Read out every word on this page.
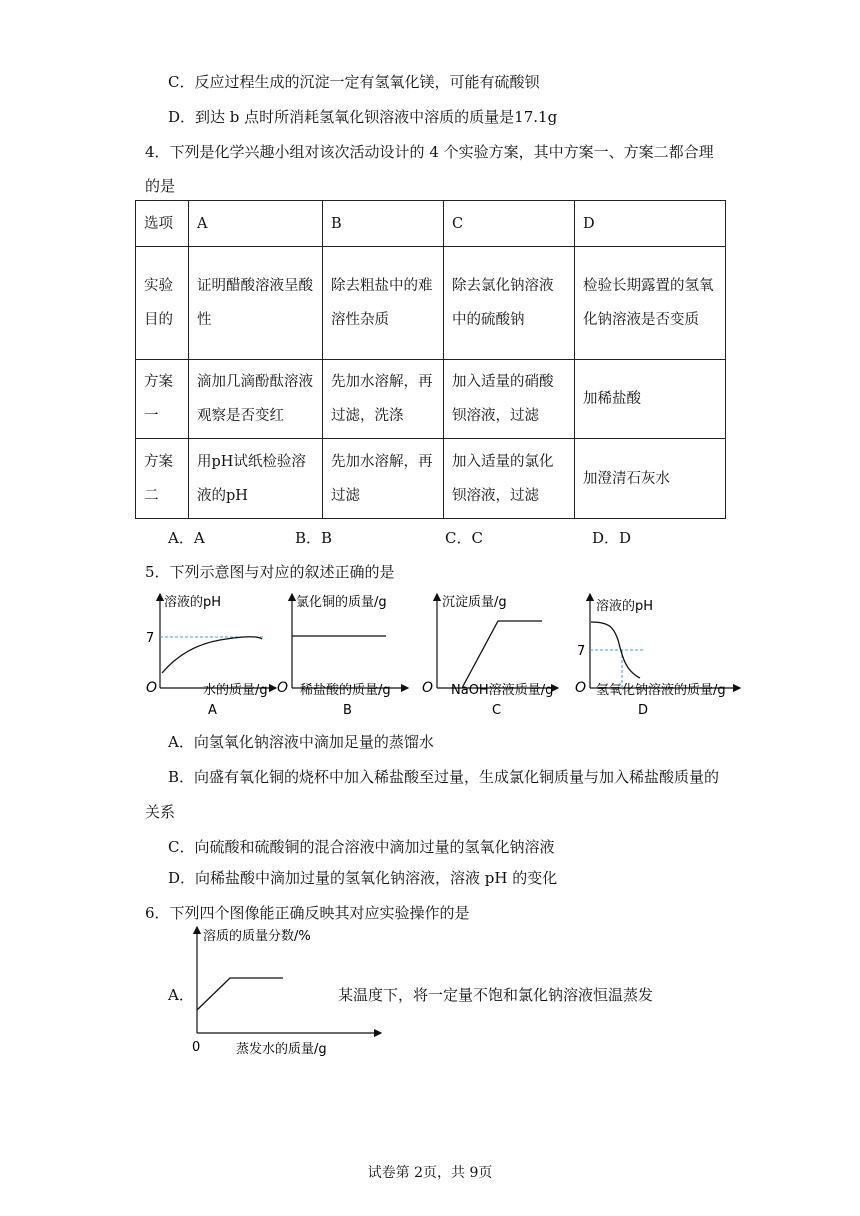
C．反应过程生成的沉淀一定有氢氧化镁，可能有硫酸钡
D．到达 b 点时所消耗氢氧化钡溶液中溶质的质量是17.1g
4．下列是化学兴趣小组对该次活动设计的 4 个实验方案，其中方案一、方案二都合理
的是
选项	A	B	C	D
实验目的	证明醋酸溶液呈酸性	除去粗盐中的难溶性杂质	除去氯化钠溶液中的硫酸钠	检验长期露置的氢氧化钠溶液是否变质
方案一	滴加几滴酚酞溶液观察是否变红	先加水溶解，再过滤，洗涤	加入适量的硝酸钡溶液，过滤	加稀盐酸
方案二	用pH试纸检验溶液的pH	先加水溶解，再过滤	加入适量的氯化钡溶液，过滤	加澄清石灰水
A．A	B．B	C．C	D．D
5．下列示意图与对应的叙述正确的是
溶液的pH
7
O	水的质量/g
A
氯化铜的质量/g
O 稀盐酸的质量/g
B
沉淀质量/g
O NaOH溶液质量/g
C
溶液的pH
7
O 氢氧化钠溶液的质量/g
D
A．向氢氧化钠溶液中滴加足量的蒸馏水
B．向盛有氧化铜的烧杯中加入稀盐酸至过量，生成氯化铜质量与加入稀盐酸质量的
关系
C．向硫酸和硫酸铜的混合溶液中滴加过量的氢氧化钠溶液
D．向稀盐酸中滴加过量的氢氧化钠溶液，溶液 pH 的变化
6．下列四个图像能正确反映其对应实验操作的是
A．
溶质的质量分数/%
0	蒸发水的质量/g
某温度下，将一定量不饱和氯化钠溶液恒温蒸发
试卷第 2页，共 9页
